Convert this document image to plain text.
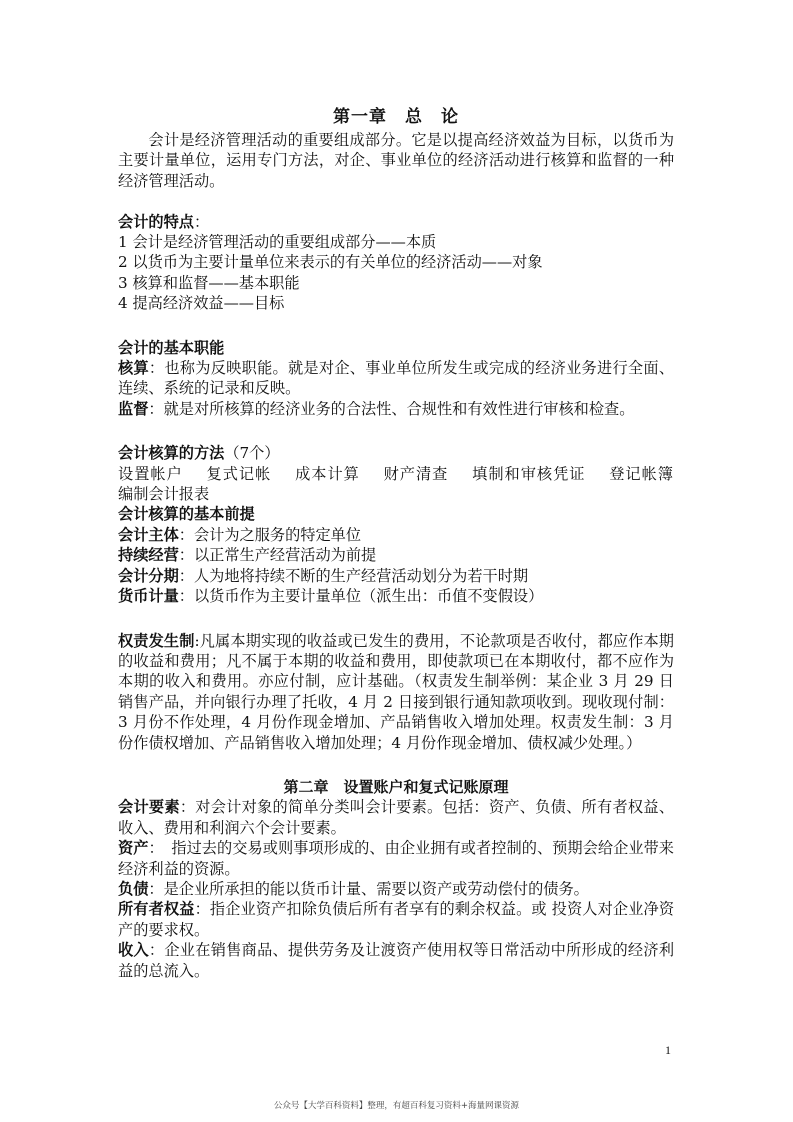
第一章　总　论

会计是经济管理活动的重要组成部分。它是以提高经济效益为目标，以货币为主要计量单位，运用专门方法，对企、事业单位的经济活动进行核算和监督的一种经济管理活动。

会计的特点：

1 会计是经济管理活动的重要组成部分——本质

2 以货币为主要计量单位来表示的有关单位的经济活动——对象

3 核算和监督——基本职能

4 提高经济效益——目标

会计的基本职能

核算：也称为反映职能。就是对企、事业单位所发生或完成的经济业务进行全面、连续、系统的记录和反映。

监督：就是对所核算的经济业务的合法性、合规性和有效性进行审核和检查。

会计核算的方法（7个）

设置帐户 复式记帐 成本计算 财产清查 填制和审核凭证 登记帐簿

编制会计报表

会计核算的基本前提

会计主体：会计为之服务的特定单位

持续经营：以正常生产经营活动为前提

会计分期：人为地将持续不断的生产经营活动划分为若干时期

货币计量：以货币作为主要计量单位（派生出：币值不变假设）

权责发生制:凡属本期实现的收益或已发生的费用，不论款项是否收付，都应作本期的收益和费用；凡不属于本期的收益和费用，即使款项已在本期收付，都不应作为本期的收入和费用。亦应付制，应计基础。（权责发生制举例：某企业 3 月 29 日销售产品，并向银行办理了托收，4 月 2 日接到银行通知款项收到。现收现付制：3 月份不作处理，4 月份作现金增加、产品销售收入增加处理。权责发生制：3 月份作债权增加、产品销售收入增加处理；4 月份作现金增加、债权减少处理。）

第二章　设置账户和复式记账原理

会计要素：对会计对象的简单分类叫会计要素。包括：资产、负债、所有者权益、收入、费用和利润六个会计要素。

资产：　指过去的交易或则事项形成的、由企业拥有或者控制的、预期会给企业带来经济利益的资源。

负债：是企业所承担的能以货币计量、需要以资产或劳动偿付的债务。

所有者权益：指企业资产扣除负债后所有者享有的剩余权益。或 投资人对企业净资产的要求权。

收入：企业在销售商品、提供劳务及让渡资产使用权等日常活动中所形成的经济利益的总流入。

1
公众号【大学百科资料】整理，有超百科复习资料+海量网课资源
